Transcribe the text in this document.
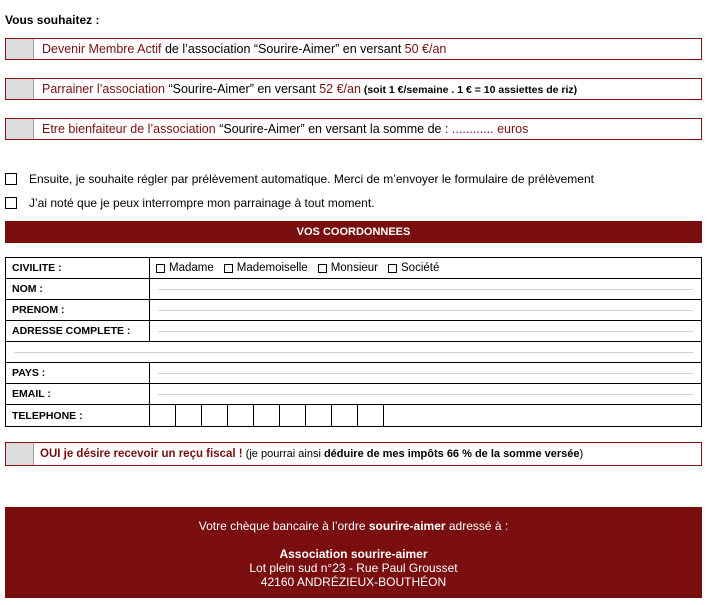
Vous souhaitez :
Devenir Membre Actif de l’association “Sourire-Aimer” en versant 50 €/an
Parrainer l’association “Sourire-Aimer” en versant 52 €/an (soit 1 €/semaine . 1 € = 10 assiettes de riz)
Etre bienfaiteur de l’association “Sourire-Aimer” en versant la somme de : ............ euros
Ensuite, je souhaite régler par prélèvement automatique. Merci de m’envoyer le formulaire de prélèvement
J’ai noté que je peux interrompre mon parrainage à tout moment.
VOS COORDONNEES
CIVILITE :	Madame Mademoiselle Monsieur Société

NOM :	

PRENOM :	

ADRESSE COMPLETE :	

PAYS :	

EMAIL :	

TELEPHONE :	
OUI je désire recevoir un reçu fiscal ! (je pourrai ainsi déduire de mes impôts 66 % de la somme versée)
Votre chèque bancaire à l’ordre sourire-aimer adressé à :
Association sourire-aimer
Lot plein sud n°23 - Rue Paul Grousset
42160 ANDRÉZIEUX-BOUTHÉON
